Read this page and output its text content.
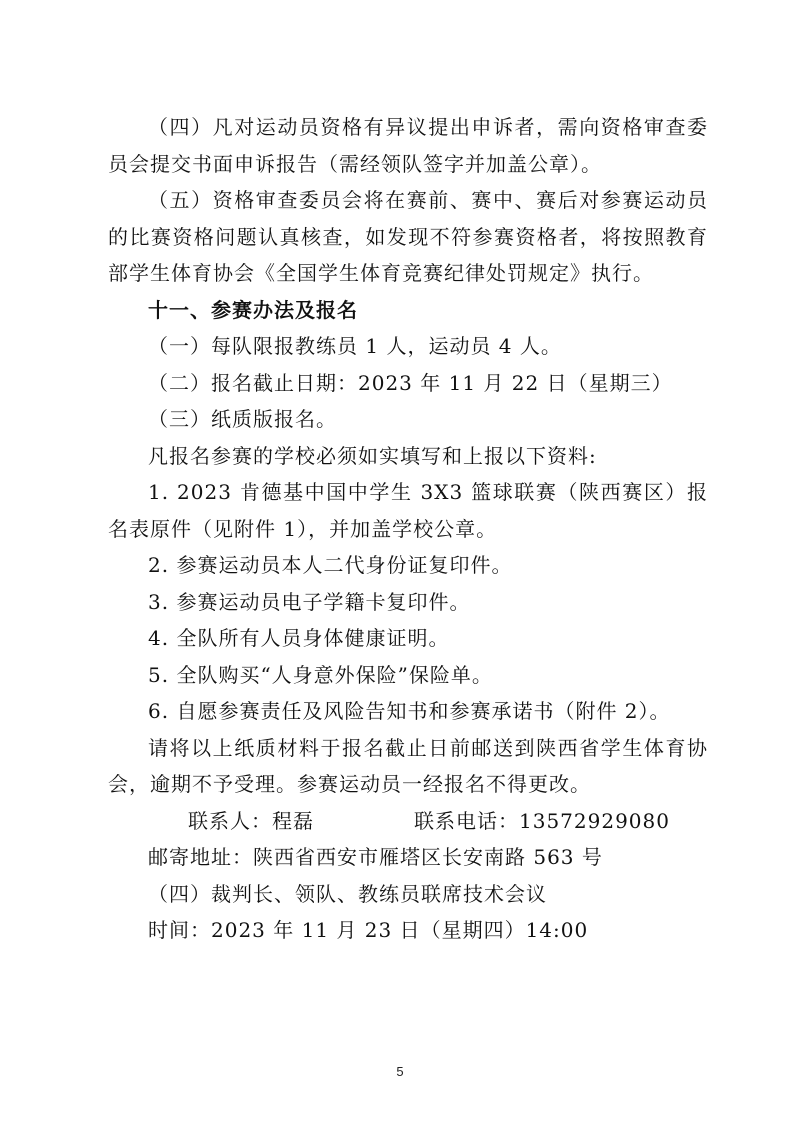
（四）凡对运动员资格有异议提出申诉者，需向资格审查委员会提交书面申诉报告（需经领队签字并加盖公章）。

（五）资格审查委员会将在赛前、赛中、赛后对参赛运动员的比赛资格问题认真核查，如发现不符参赛资格者，将按照教育部学生体育协会《全国学生体育竞赛纪律处罚规定》执行。

十一、参赛办法及报名

（一）每队限报教练员 1 人，运动员 4 人。

（二）报名截止日期：2023 年 11 月 22 日（星期三）

（三）纸质版报名。

凡报名参赛的学校必须如实填写和上报以下资料:

1. 2023 肯德基中国中学生 3X3 篮球联赛（陕西赛区）报名表原件（见附件 1），并加盖学校公章。

2. 参赛运动员本人二代身份证复印件。

3. 参赛运动员电子学籍卡复印件。

4. 全队所有人员身体健康证明。

5. 全队购买“人身意外保险”保险单。

6. 自愿参赛责任及风险告知书和参赛承诺书（附件 2）。

请将以上纸质材料于报名截止日前邮送到陕西省学生体育协会，逾期不予受理。参赛运动员一经报名不得更改。

联系人：程磊	联系电话：13572929080

邮寄地址：陕西省西安市雁塔区长安南路 563 号

（四）裁判长、领队、教练员联席技术会议

时间：2023 年 11 月 23 日（星期四）14:00

5
